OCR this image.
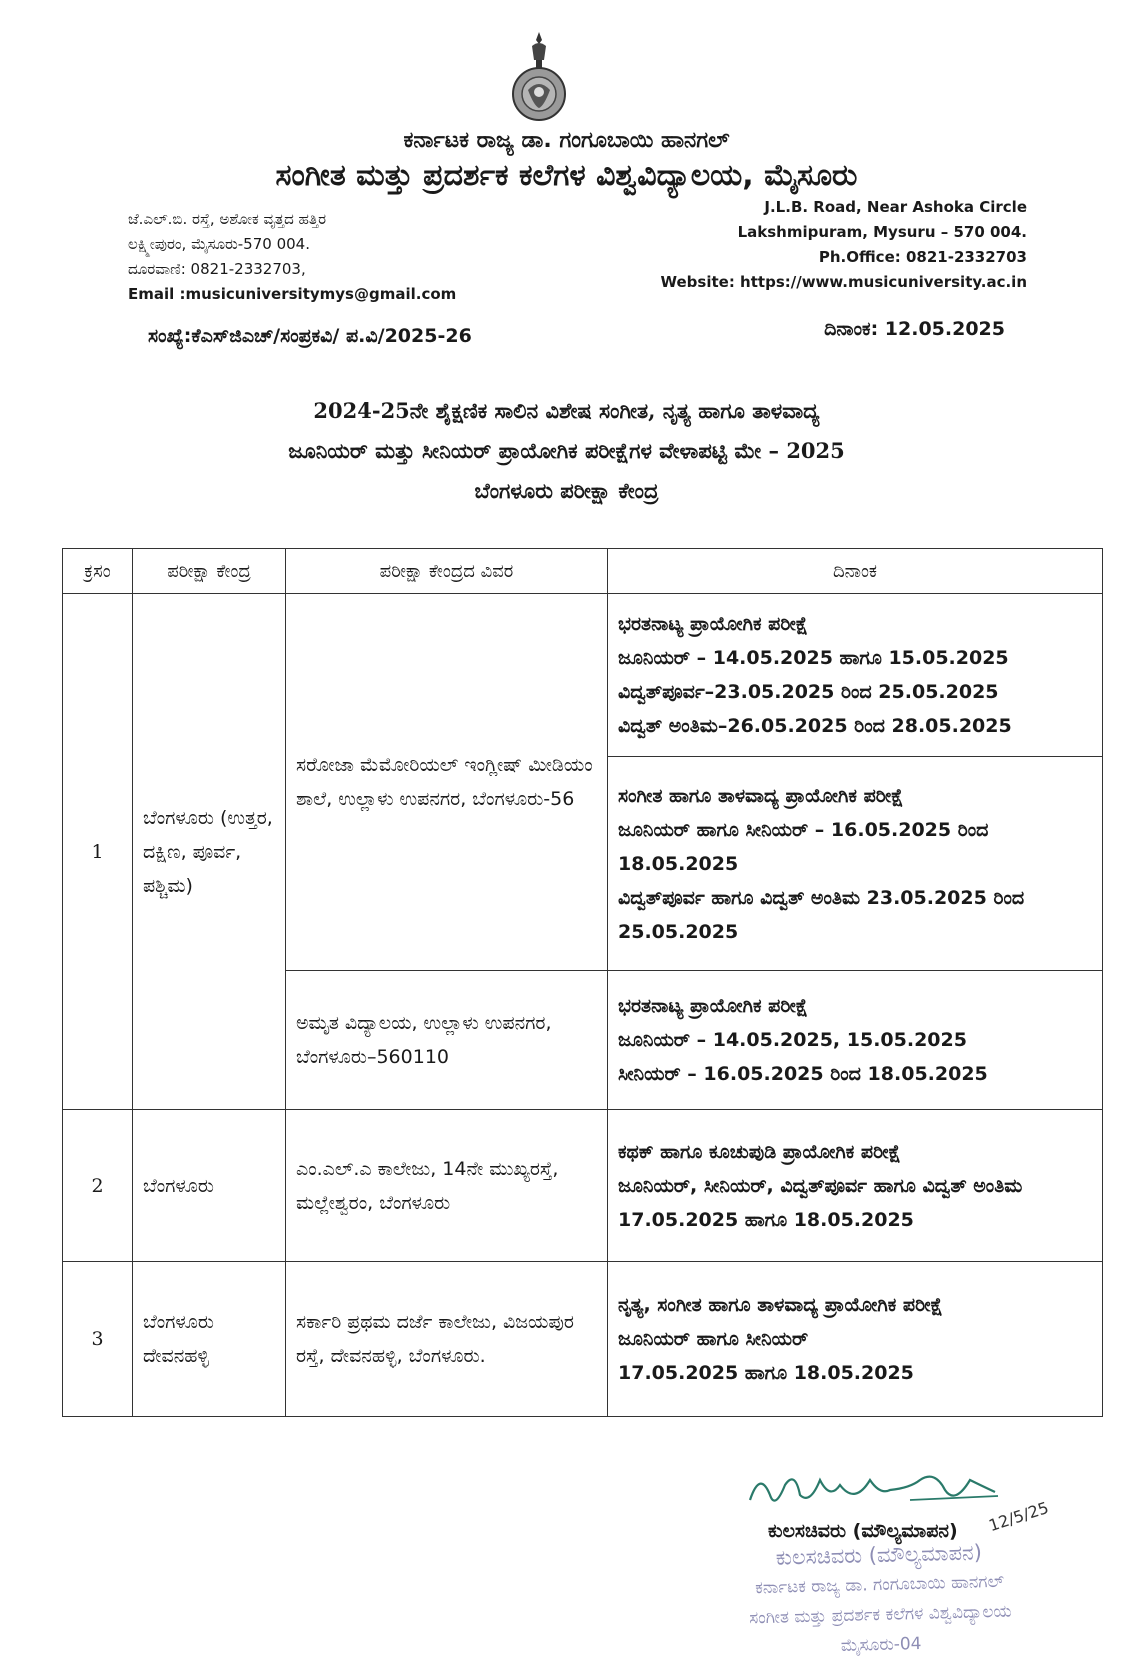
ಕರ್ನಾಟಕ ರಾಜ್ಯ ಡಾ. ಗಂಗೂಬಾಯಿ ಹಾನಗಲ್
ಸಂಗೀತ ಮತ್ತು ಪ್ರದರ್ಶಕ ಕಲೆಗಳ ವಿಶ್ವವಿದ್ಯಾಲಯ, ಮೈಸೂರು
ಜೆ.ಎಲ್.ಬಿ. ರಸ್ತೆ, ಅಶೋಕ ವೃತ್ತದ ಹತ್ತಿರ
ಲಕ್ಷ್ಮೀಪುರಂ, ಮೈಸೂರು-570 004.
ದೂರವಾಣಿ: 0821-2332703,
Email :musicuniversitymys@gmail.com
J.L.B. Road, Near Ashoka Circle
Lakshmipuram, Mysuru – 570 004.
Ph.Office: 0821-2332703
Website: https://www.musicuniversity.ac.in
ಸಂಖ್ಯೆ:ಕೆಎಸ್‌ಜಿಎಚ್/ಸಂಪ್ರಕವಿ/ ಪ.ವಿ/2025-26	ದಿನಾಂಕ: 12.05.2025
2024-25ನೇ ಶೈಕ್ಷಣಿಕ ಸಾಲಿನ ವಿಶೇಷ ಸಂಗೀತ, ನೃತ್ಯ ಹಾಗೂ ತಾಳವಾದ್ಯ
ಜೂನಿಯರ್ ಮತ್ತು ಸೀನಿಯರ್ ಪ್ರಾಯೋಗಿಕ ಪರೀಕ್ಷೆಗಳ ವೇಳಾಪಟ್ಟಿ ಮೇ – 2025
ಬೆಂಗಳೂರು ಪರೀಕ್ಷಾ ಕೇಂದ್ರ
ಕ್ರಸಂ	ಪರೀಕ್ಷಾ ಕೇಂದ್ರ	ಪರೀಕ್ಷಾ ಕೇಂದ್ರದ ವಿವರ	ದಿನಾಂಕ
1	ಬೆಂಗಳೂರು (ಉತ್ತರ, ದಕ್ಷಿಣ, ಪೂರ್ವ, ಪಶ್ಚಿಮ)	ಸರೋಜಾ ಮೆಮೋರಿಯಲ್ ಇಂಗ್ಲೀಷ್ ಮೀಡಿಯಂ ಶಾಲೆ, ಉಲ್ಲಾಳು ಉಪನಗರ, ಬೆಂಗಳೂರು-56	ಭರತನಾಟ್ಯ ಪ್ರಾಯೋಗಿಕ ಪರೀಕ್ಷೆ
ಜೂನಿಯರ್ – 14.05.2025 ಹಾಗೂ 15.05.2025
ವಿದ್ವತ್‌ಪೂರ್ವ–23.05.2025 ರಿಂದ 25.05.2025
ವಿದ್ವತ್ ಅಂತಿಮ–26.05.2025 ರಿಂದ 28.05.2025

			ಸಂಗೀತ ಹಾಗೂ ತಾಳವಾದ್ಯ ಪ್ರಾಯೋಗಿಕ ಪರೀಕ್ಷೆ
ಜೂನಿಯರ್ ಹಾಗೂ ಸೀನಿಯರ್ – 16.05.2025 ರಿಂದ 18.05.2025
ವಿದ್ವತ್‌ಪೂರ್ವ ಹಾಗೂ ವಿದ್ವತ್ ಅಂತಿಮ 23.05.2025 ರಿಂದ 25.05.2025

		ಅಮೃತ ವಿದ್ಯಾಲಯ, ಉಲ್ಲಾಳು ಉಪನಗರ, ಬೆಂಗಳೂರು–560110	ಭರತನಾಟ್ಯ ಪ್ರಾಯೋಗಿಕ ಪರೀಕ್ಷೆ
ಜೂನಿಯರ್ – 14.05.2025, 15.05.2025
ಸೀನಿಯರ್ – 16.05.2025 ರಿಂದ 18.05.2025

2	ಬೆಂಗಳೂರು	ಎಂ.ಎಲ್.ಎ ಕಾಲೇಜು, 14ನೇ ಮುಖ್ಯರಸ್ತೆ, ಮಲ್ಲೇಶ್ವರಂ, ಬೆಂಗಳೂರು	ಕಥಕ್ ಹಾಗೂ ಕೂಚುಪುಡಿ ಪ್ರಾಯೋಗಿಕ ಪರೀಕ್ಷೆ
ಜೂನಿಯರ್, ಸೀನಿಯರ್, ವಿದ್ವತ್‌ಪೂರ್ವ ಹಾಗೂ ವಿದ್ವತ್ ಅಂತಿಮ
17.05.2025 ಹಾಗೂ 18.05.2025

3	ಬೆಂಗಳೂರು ದೇವನಹಳ್ಳಿ	ಸರ್ಕಾರಿ ಪ್ರಥಮ ದರ್ಜೆ ಕಾಲೇಜು, ವಿಜಯಪುರ ರಸ್ತೆ, ದೇವನಹಳ್ಳಿ, ಬೆಂಗಳೂರು.	ನೃತ್ಯ, ಸಂಗೀತ ಹಾಗೂ ತಾಳವಾದ್ಯ ಪ್ರಾಯೋಗಿಕ ಪರೀಕ್ಷೆ
ಜೂನಿಯರ್ ಹಾಗೂ ಸೀನಿಯರ್
17.05.2025 ಹಾಗೂ 18.05.2025
12/5/25
ಕುಲಸಚಿವರು (ಮೌಲ್ಯಮಾಪನ)
ಕುಲಸಚಿವರು (ಮೌಲ್ಯಮಾಪನ)
ಕರ್ನಾಟಕ ರಾಜ್ಯ ಡಾ. ಗಂಗೂಬಾಯಿ ಹಾನಗಲ್
ಸಂಗೀತ ಮತ್ತು ಪ್ರದರ್ಶಕ ಕಲೆಗಳ ವಿಶ್ವವಿದ್ಯಾಲಯ
ಮೈಸೂರು-04
